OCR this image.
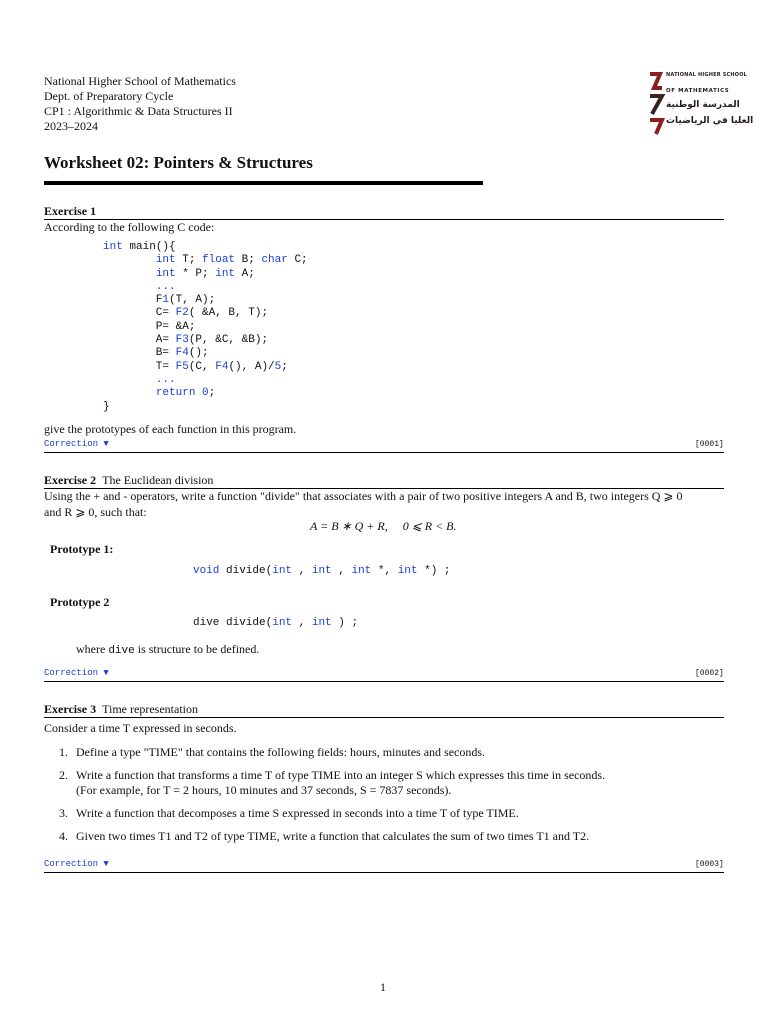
National Higher School of Mathematics
Dept. of Preparatory Cycle
CP1 : Algorithmic & Data Structures II
2023–2024
NATIONAL HIGHER SCHOOL
OF MATHEMATICS
المدرسة الوطنية
العليا في الرياضيات
Worksheet 02: Pointers & Structures
Exercise 1
According to the following C code:
int main(){
int T; float B; char C;
int * P; int A;
...
F1(T, A);
C= F2( &A, B, T);
P= &A;
A= F3(P, &C, &B);
B= F4();
T= F5(C, F4(), A)/5;
...
return 0;
}
give the prototypes of each function in this program.
Correction ▼	[0001]
Exercise 2 The Euclidean division
Using the + and - operators, write a function "divide" that associates with a pair of two positive integers A and B, two integers Q ⩾ 0
and R ⩾ 0, such that:
A = B ∗ Q + R,     0 ⩽ R < B.
Prototype 1:
void divide(int , int , int *, int *) ;
Prototype 2
dive divide(int , int ) ;
where dive is structure to be defined.
Correction ▼	[0002]
Exercise 3 Time representation
Consider a time T expressed in seconds.
1. Define a type "TIME" that contains the following fields: hours, minutes and seconds.
2. Write a function that transforms a time T of type TIME into an integer S which expresses this time in seconds.
(For example, for T = 2 hours, 10 minutes and 37 seconds, S = 7837 seconds).
3. Write a function that decomposes a time S expressed in seconds into a time T of type TIME.
4. Given two times T1 and T2 of type TIME, write a function that calculates the sum of two times T1 and T2.
Correction ▼	[0003]
1
